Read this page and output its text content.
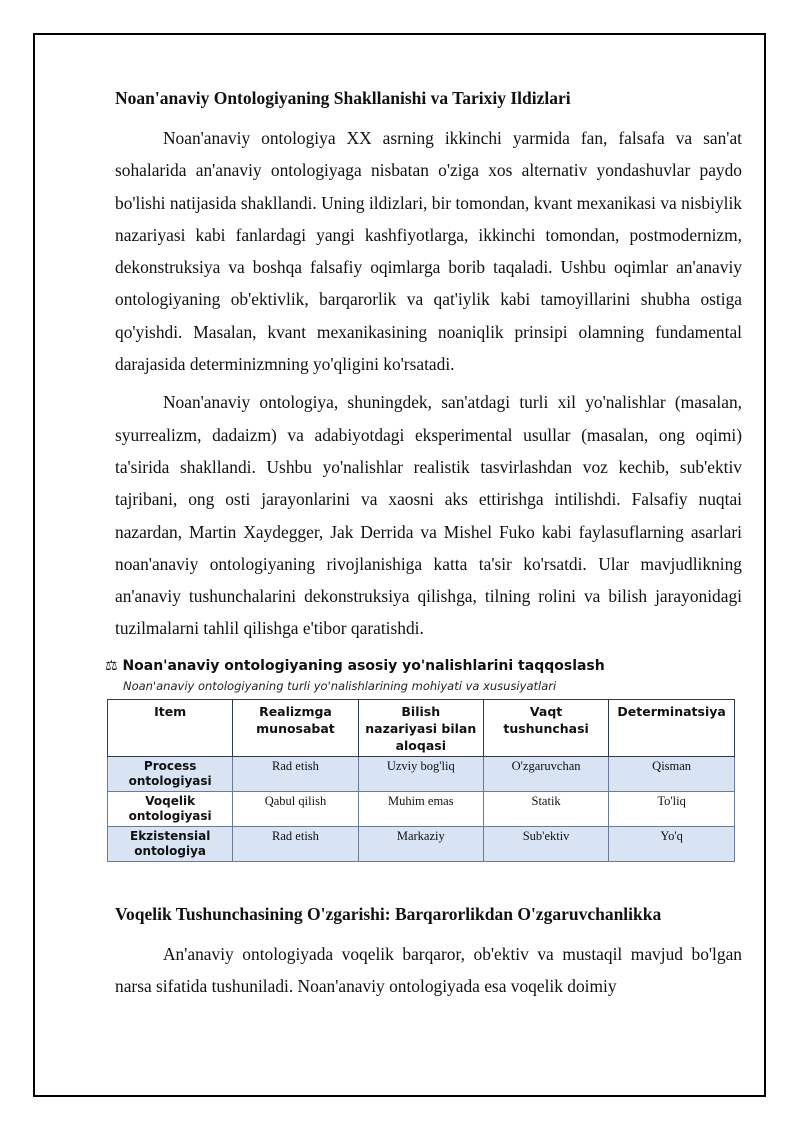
Noan'anaviy Ontologiyaning Shakllanishi va Tarixiy Ildizlari

Noan'anaviy ontologiya XX asrning ikkinchi yarmida fan, falsafa va san'at sohalarida an'anaviy ontologiyaga nisbatan o'ziga xos alternativ yondashuvlar paydo bo'lishi natijasida shakllandi. Uning ildizlari, bir tomondan, kvant mexanikasi va nisbiylik nazariyasi kabi fanlardagi yangi kashfiyotlarga, ikkinchi tomondan, postmodernizm, dekonstruksiya va boshqa falsafiy oqimlarga borib taqaladi. Ushbu oqimlar an'anaviy ontologiyaning ob'ektivlik, barqarorlik va qat'iylik kabi tamoyillarini shubha ostiga qo'yishdi. Masalan, kvant mexanikasining noaniqlik prinsipi olamning fundamental darajasida determinizmning yo'qligini ko'rsatadi.

Noan'anaviy ontologiya, shuningdek, san'atdagi turli xil yo'nalishlar (masalan, syurrealizm, dadaizm) va adabiyotdagi eksperimental usullar (masalan, ong oqimi) ta'sirida shakllandi. Ushbu yo'nalishlar realistik tasvirlashdan voz kechib, sub'ektiv tajribani, ong osti jarayonlarini va xaosni aks ettirishga intilishdi. Falsafiy nuqtai nazardan, Martin Xaydegger, Jak Derrida va Mishel Fuko kabi faylasuflarning asarlari noan'anaviy ontologiyaning rivojlanishiga katta ta'sir ko'rsatdi. Ular mavjudlikning an'anaviy tushunchalarini dekonstruksiya qilishga, tilning rolini va bilish jarayonidagi tuzilmalarni tahlil qilishga e'tibor qaratishdi.

⚖ Noan'anaviy ontologiyaning asosiy yo'nalishlarini taqqoslash
Noan'anaviy ontologiyaning turli yo'nalishlarining mohiyati va xususiyatlari
Item	Realizmga munosabat	Bilish nazariyasi bilan aloqasi	Vaqt tushunchasi	Determinatsiya
Process ontologiyasi	Rad etish	Uzviy bog'liq	O'zgaruvchan	Qisman
Voqelik ontologiyasi	Qabul qilish	Muhim emas	Statik	To'liq
Ekzistensial ontologiya	Rad etish	Markaziy	Sub'ektiv	Yo'q
Voqelik Tushunchasining O'zgarishi: Barqarorlikdan O'zgaruvchanlikka

An'anaviy ontologiyada voqelik barqaror, ob'ektiv va mustaqil mavjud bo'lgan narsa sifatida tushuniladi. Noan'anaviy ontologiyada esa voqelik doimiy
